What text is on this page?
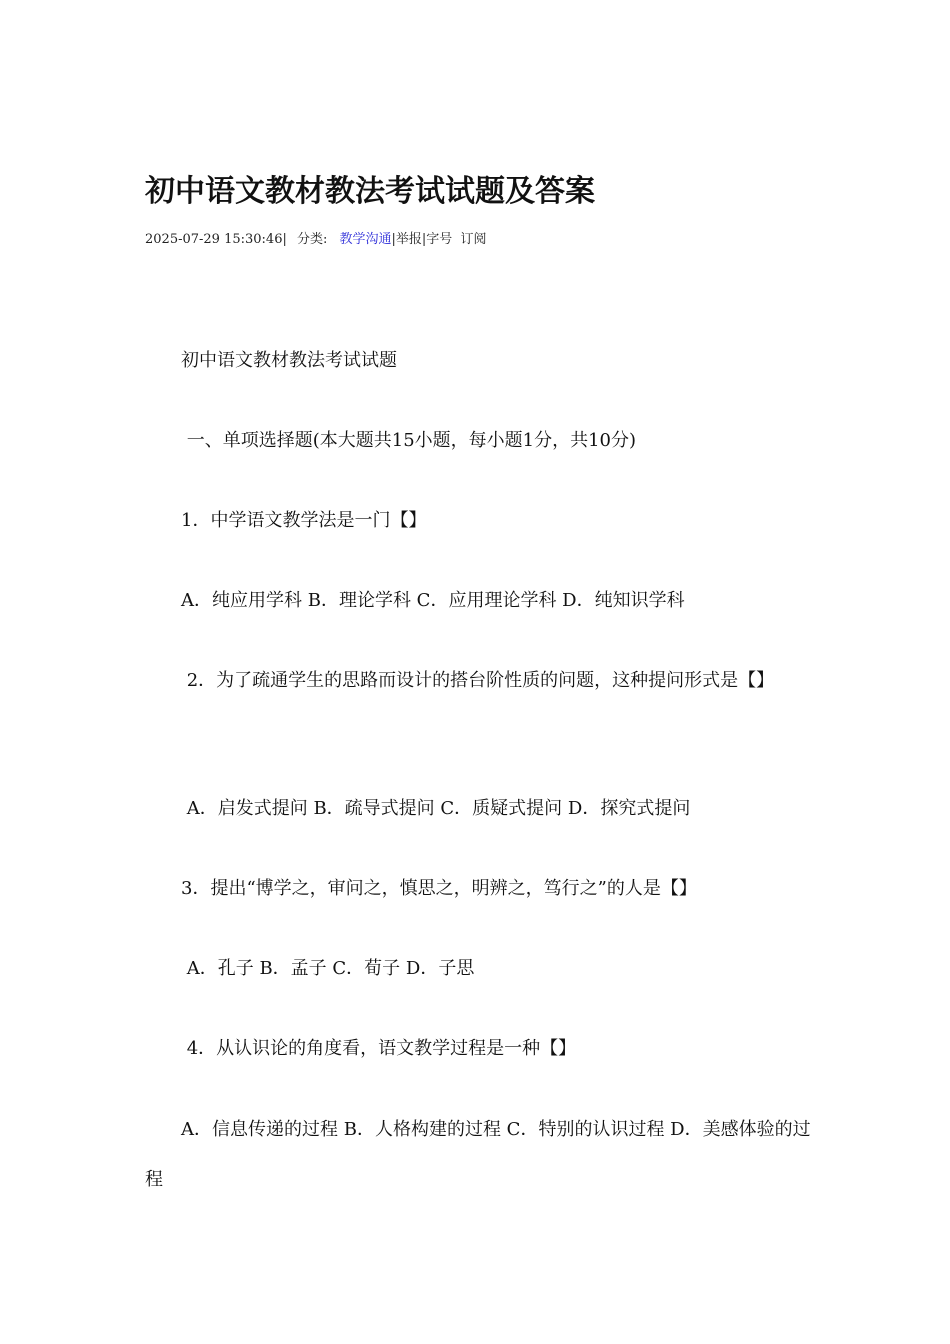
初中语文教材教法考试试题及答案
2025-07-29 15:30:46| 分类: 教学沟通|举报|字号 订阅

　　初中语文教材教法考试试题

　　 一、单项选择题(本大题共15小题，每小题1分，共10分)

　　1．中学语文教学法是一门【】

　　A．纯应用学科 B．理论学科 C．应用理论学科 D．纯知识学科

　　 2．为了疏通学生的思路而设计的搭台阶性质的问题，这种提问形式是【】

　　 A．启发式提问 B．疏导式提问 C．质疑式提问 D．探究式提问

　　3．提出“博学之，审问之，慎思之，明辨之，笃行之”的人是【】

　　 A．孔子 B．孟子 C．荀子 D．子思

　　 4．从认识论的角度看，语文教学过程是一种【】

　　A．信息传递的过程 B．人格构建的过程 C．特别的认识过程 D．美感体验的过程
